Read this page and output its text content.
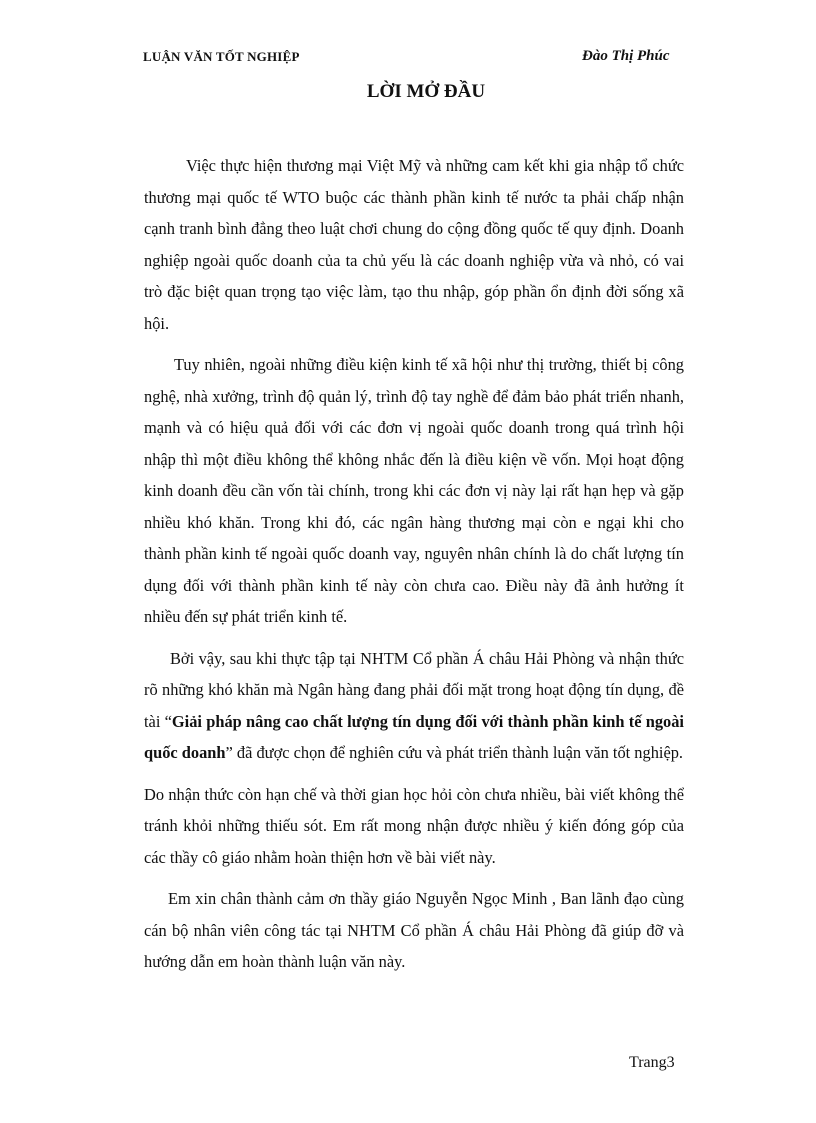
LUẬN VĂN TỐT NGHIỆP	Đào Thị Phúc
LỜI MỞ ĐẦU

Việc thực hiện thương mại Việt Mỹ và những cam kết khi gia nhập tổ chức thương mại quốc tế WTO buộc các thành phần kinh tế nước ta phải chấp nhận cạnh tranh bình đẳng theo luật chơi chung do cộng đồng quốc tế quy định. Doanh nghiệp ngoài quốc doanh của ta chủ yếu là các doanh nghiệp vừa và nhỏ, có vai trò đặc biệt quan trọng tạo việc làm, tạo thu nhập, góp phần ổn định đời sống xã hội.

Tuy nhiên, ngoài những điều kiện kinh tế xã hội như thị trường, thiết bị công nghệ, nhà xưởng, trình độ quản lý, trình độ tay nghề để đảm bảo phát triển nhanh, mạnh và có hiệu quả đối với các đơn vị ngoài quốc doanh trong quá trình hội nhập thì một điều không thể không nhắc đến là điều kiện về vốn. Mọi hoạt động kinh doanh đều cần vốn tài chính, trong khi các đơn vị này lại rất hạn hẹp và gặp nhiều khó khăn. Trong khi đó, các ngân hàng thương mại còn e ngại khi cho thành phần kinh tế ngoài quốc doanh vay, nguyên nhân chính là do chất lượng tín dụng đối với thành phần kinh tế này còn chưa cao. Điều này đã ảnh hưởng ít nhiều đến sự phát triển kinh tế.

Bởi vậy, sau khi thực tập tại NHTM Cổ phần Á châu Hải Phòng và nhận thức rõ những khó khăn mà Ngân hàng đang phải đối mặt trong hoạt động tín dụng, đề tài “Giải pháp nâng cao chất lượng tín dụng đối với thành phần kinh tế ngoài quốc doanh” đã được chọn để nghiên cứu và phát triển thành luận văn tốt nghiệp.

Do nhận thức còn hạn chế và thời gian học hỏi còn chưa nhiều, bài viết không thể tránh khỏi những thiếu sót. Em rất mong nhận được nhiều ý kiến đóng góp của các thầy cô giáo nhằm hoàn thiện hơn về bài viết này.

Em xin chân thành cảm ơn thầy giáo Nguyễn Ngọc Minh , Ban lãnh đạo cùng cán bộ nhân viên công tác tại NHTM Cổ phần Á châu Hải Phòng đã giúp đỡ và hướng dẫn em hoàn thành luận văn này.

Trang3
